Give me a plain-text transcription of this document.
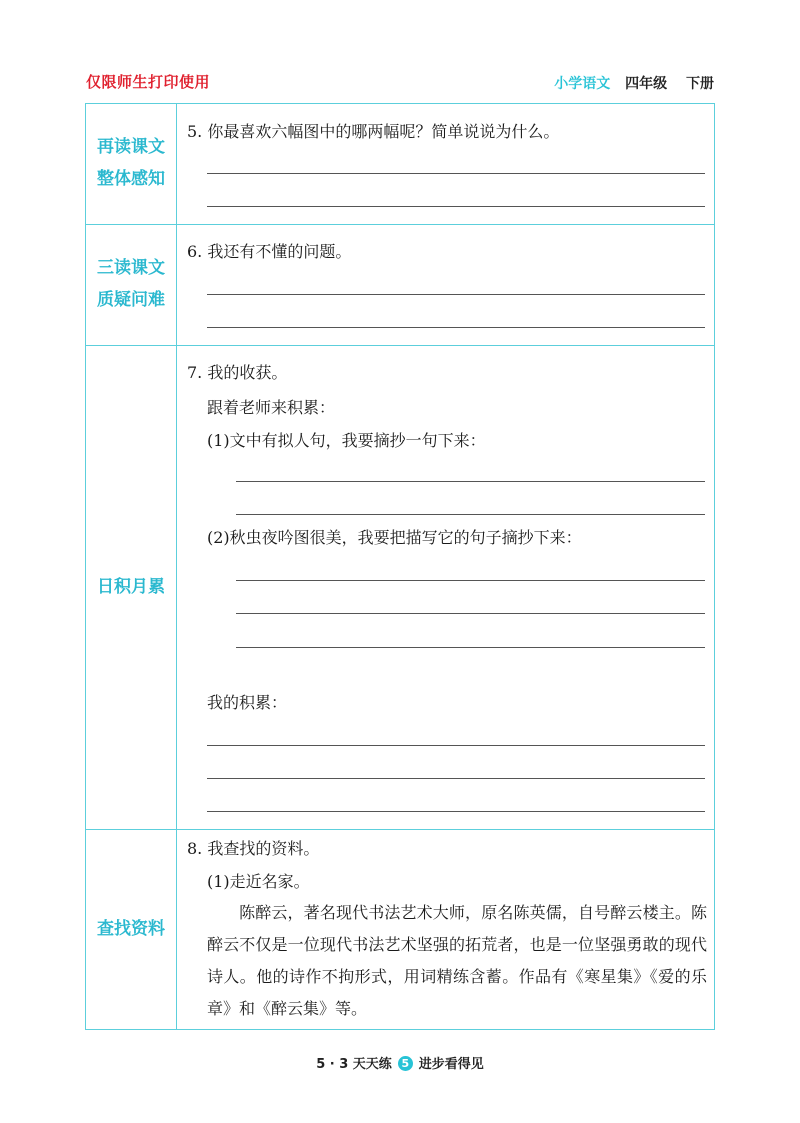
仅限师生打印使用	小学语文 四年级 下册
再读课文
整体感知
5. 你最喜欢六幅图中的哪两幅呢？简单说说为什么。
三读课文
质疑问难
6. 我还有不懂的问题。
日积月累
7. 我的收获。
跟着老师来积累：
(1)文中有拟人句，我要摘抄一句下来：
(2)秋虫夜吟图很美，我要把描写它的句子摘抄下来：
我的积累：
查找资料
8. 我查找的资料。
(1)走近名家。
陈醉云，著名现代书法艺术大师，原名陈英儒，自号醉云楼主。陈醉云不仅是一位现代书法艺术坚强的拓荒者，也是一位坚强勇敢的现代诗人。他的诗作不拘形式，用词精练含蓄。作品有《寒星集》《爱的乐章》和《醉云集》等。
5 · 3 天天练 5 进步看得见
